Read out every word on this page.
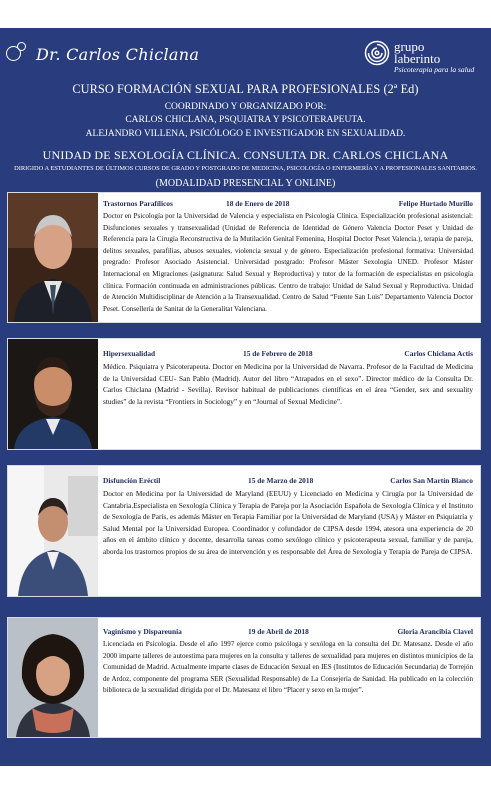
Dr. Carlos Chiclana	grupo
laberinto
Psicoterapia para la salud
CURSO FORMACIÓN SEXUAL PARA PROFESIONALES (2ª Ed)
COORDINADO Y ORGANIZADO POR:
CARLOS CHICLANA, PSQUIATRA Y PSICOTERAPEUTA.
ALEJANDRO VILLENA, PSICÓLOGO E INVESTIGADOR EN SEXUALIDAD.
UNIDAD DE SEXOLOGÍA CLÍNICA. CONSULTA DR. CARLOS CHICLANA
DIRIGIDO A ESTUDIANTES DE ÚLTIMOS CURSOS DE GRADO Y POSTGRADO DE MEDICINA, PSICOLOGÍA O ENFERMERÍA Y A PROFESIONALES SANITARIOS.
(MODALIDAD PRESENCIAL Y ONLINE)
Trastornos Parafílicos	18 de Enero de 2018	Felipe Hurtado Murillo

Doctor en Psicología por la Universidad de Valencia y especialista en Psicología Clínica. Especialización profesional asistencial: Disfunciones sexuales y transexualidad (Unidad de Referencia de Identidad de Género Valencia Doctor Peset y Unidad de Referencia para la Cirugía Reconstructiva de la Mutilación Genital Femenina, Hospital Doctor Peset Valencia.), terapia de pareja, delitos sexuales, parafilias, abusos sexuales, violencia sexual y de género. Especialización profesional formativa: Universidad pregrado: Profesor Asociado Asistencial. Universidad postgrado: Profesor Máster Sexología UNED. Profesor Máster Internacional en Migraciones (asignatura: Salud Sexual y Reproductiva) y tutor de la formación de especialistas en psicología clínica. Formación continuada en administraciones públicas. Centro de trabajo: Unidad de Salud Sexual y Reproductiva. Unidad de Atención Multidisciplinar de Atención a la Transexualidad. Centro de Salud “Fuente San Luis” Departamento Valencia Doctor Peset. Consellería de Sanitat de la Generalitat Valenciana.

Hipersexualidad	15 de Febrero de 2018	Carlos Chiclana Actis

Médico. Psiquiatra y Psicoterapeuta. Doctor en Medicina por la Universidad de Navarra. Profesor de la Facultad de Medicina de la Universidad CEU- San Pablo (Madrid). Autor del libro “Atrapados en el sexo”. Director médico de la Consulta Dr. Carlos Chiclana (Madrid - Sevilla). Revisor habitual de publicaciones científicas en el área “Gender, sex and sexuality studies” de la revista “Frontiers in Sociology” y en “Journal of Sexual Medicine”.

Disfunción Eréctil	15 de Marzo de 2018	Carlos San Martín Blanco

Doctor en Medicina por la Universidad de Maryland (EEUU) y Licenciado en Medicina y Cirugía por la Universidad de Cantabria.Especialista en Sexología Clínica y Terapia de Pareja por la Asociación Española de Sexología Clínica y el Instituto de Sexología de París, es además Máster en Terapia Familiar por la Universidad de Maryland (USA) y Máster en Psiquiatría y Salud Mental por la Universidad Europea. Coordinador y cofundador de CIPSA desde 1994, atesora una experiencia de 20 años en el ámbito clínico y docente, desarrolla tareas como sexólogo clínico y psicoterapeuta sexual, familiar y de pareja, aborda los trastornos propios de su área de intervención y es responsable del Área de Sexología y Terapia de Pareja de CIPSA.

Vaginismo y Dispareunia	19 de Abril de 2018	Gloria Arancibia Clavel

Licenciada en Psicología. Desde el año 1997 ejerce como psicóloga y sexóloga en la consulta del Dr. Matesanz. Desde el año 2000 imparte talleres de autoestima para mujeres en la consulta y talleres de sexualidad para mujeres en distintos municipios de la Comunidad de Madrid. Actualmente imparte clases de Educación Sexual en IES (Institutos de Educación Secundaria) de Torrejón de Ardoz, componente del programa SER (Sexualidad Responsable) de La Consejería de Sanidad. Ha publicado en la colección biblioteca de la sexualidad dirigida por el Dr. Matesanz el libro “Placer y sexo en la mujer”.
